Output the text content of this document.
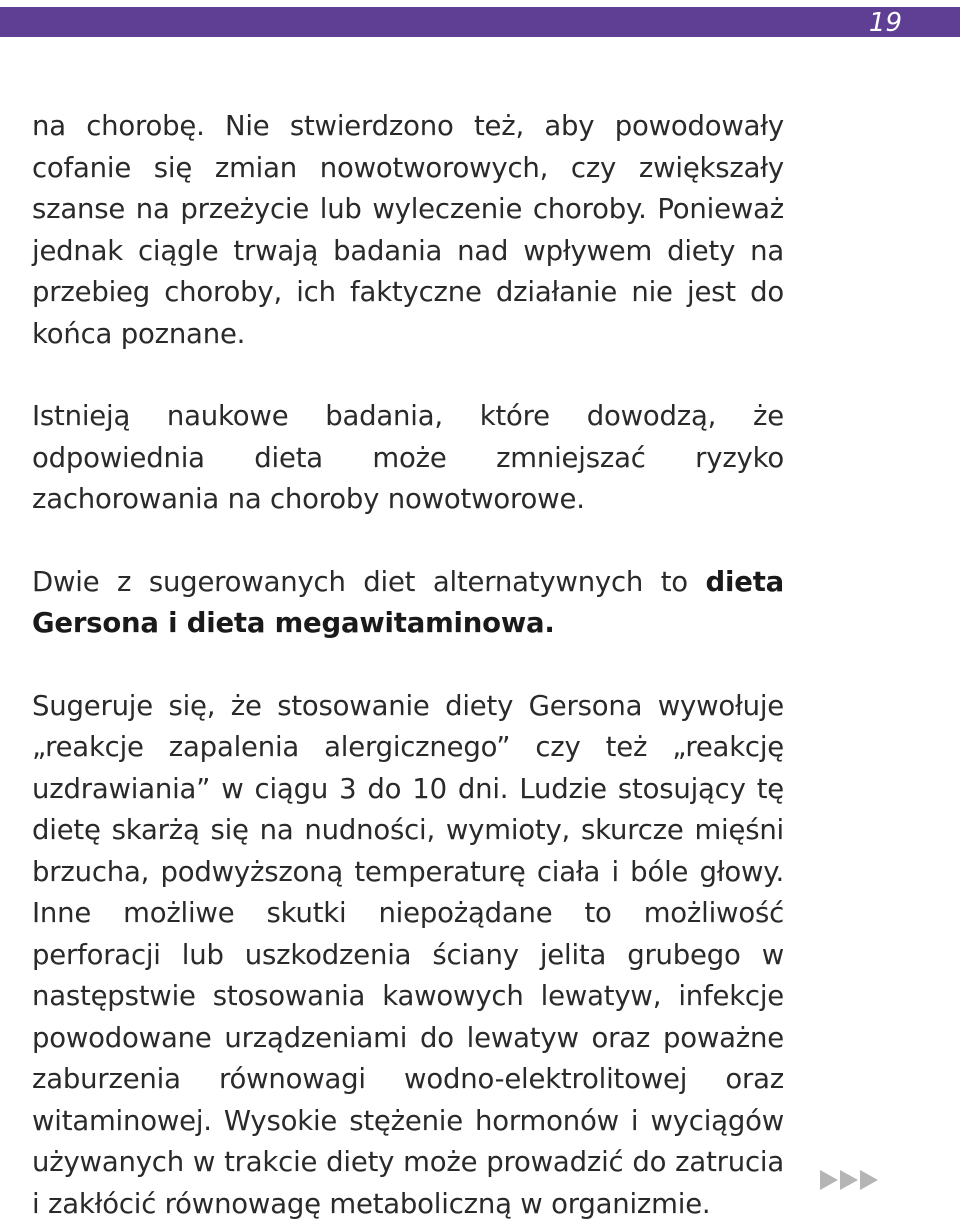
19

na chorobę. Nie stwierdzono też, aby powodowały cofanie się zmian nowotworowych, czy zwiększały szanse na przeżycie lub wyleczenie choroby. Ponieważ jednak ciągle trwają badania nad wpływem diety na przebieg choroby, ich faktyczne działanie nie jest do końca poznane.

Istnieją naukowe badania, które dowodzą, że odpowiednia dieta może zmniejszać ryzyko zachorowania na choroby nowotworowe.

Dwie z sugerowanych diet alternatywnych to dieta Gersona i dieta megawitaminowa.

Sugeruje się, że stosowanie diety Gersona wywołuje „reakcje zapalenia alergicznego” czy też „reakcję uzdrawiania” w ciągu 3 do 10 dni. Ludzie stosujący tę dietę skarżą się na nudności, wymioty, skurcze mięśni brzucha, podwyższoną temperaturę ciała i bóle głowy. Inne możliwe skutki niepożądane to możliwość perforacji lub uszkodzenia ściany jelita grubego w następstwie stosowania kawowych lewatyw, infekcje powodowane urządzeniami do lewatyw oraz poważne zaburzenia równowagi wodno-elektrolitowej oraz witaminowej. Wysokie stężenie hormonów i wyciągów używanych w trakcie diety może prowadzić do zatrucia i zakłócić równowagę metaboliczną w organizmie.
